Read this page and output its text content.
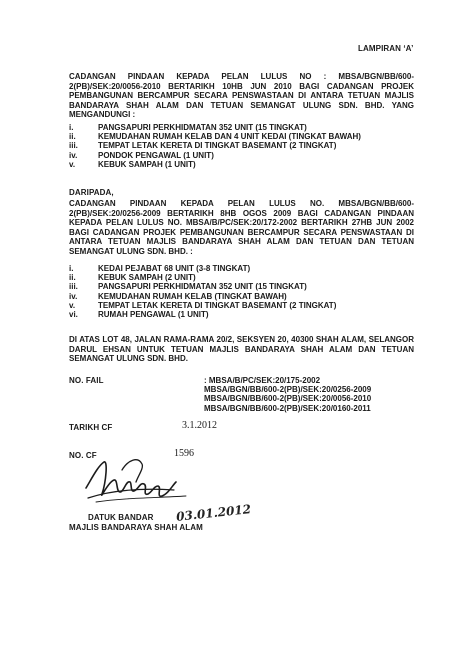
LAMPIRAN ‘A’
CADANGAN PINDAAN KEPADA PELAN LULUS NO : MBSA/BGN/BB/600-2(PB)/SEK:20/0056-2010 BERTARIKH 10HB JUN 2010 BAGI CADANGAN PROJEK PEMBANGUNAN BERCAMPUR SECARA PENSWASTAAN DI ANTARA TETUAN MAJLIS BANDARAYA SHAH ALAM DAN TETUAN SEMANGAT ULUNG SDN. BHD. YANG MENGANDUNGI :
i.	PANGSAPURI PERKHIDMATAN 352 UNIT (15 TINGKAT)
ii.	KEMUDAHAN RUMAH KELAB DAN 4 UNIT KEDAI (TINGKAT BAWAH)
iii.	TEMPAT LETAK KERETA DI TINGKAT BASEMANT (2 TINGKAT)
iv.	PONDOK PENGAWAL (1 UNIT)
v.	KEBUK SAMPAH (1 UNIT)
DARIPADA,
CADANGAN PINDAAN KEPADA PELAN LULUS NO. MBSA/BGN/BB/600-2(PB)/SEK:20/0256-2009 BERTARIKH 8HB OGOS 2009 BAGI CADANGAN PINDAAN KEPADA PELAN LULUS NO. MBSA/B/PC/SEK:20/172-2002 BERTARIKH 27HB JUN 2002 BAGI CADANGAN PROJEK PEMBANGUNAN BERCAMPUR SECARA PENSWASTAAN DI ANTARA TETUAN MAJLIS BANDARAYA SHAH ALAM DAN TETUAN DAN TETUAN SEMANGAT ULUNG SDN. BHD. :
i.	KEDAI PEJABAT 68 UNIT (3-8 TINGKAT)
ii.	KEBUK SAMPAH (2 UNIT)
iii.	PANGSAPURI PERKHIDMATAN 352 UNIT (15 TINGKAT)
iv.	KEMUDAHAN RUMAH KELAB (TINGKAT BAWAH)
v.	TEMPAT LETAK KERETA DI TINGKAT BASEMANT (2 TINGKAT)
vi.	RUMAH PENGAWAL (1 UNIT)
DI ATAS LOT 48, JALAN RAMA-RAMA 20/2, SEKSYEN 20, 40300 SHAH ALAM, SELANGOR DARUL EHSAN UNTUK TETUAN MAJLIS BANDARAYA SHAH ALAM DAN TETUAN SEMANGAT ULUNG SDN. BHD.
NO. FAIL	: MBSA/B/PC/SEK:20/175-2002
MBSA/BGN/BB/600-2(PB)/SEK:20/0256-2009
MBSA/BGN/BB/600-2(PB)/SEK:20/0056-2010
MBSA/BGN/BB/600-2(PB)/SEK:20/0160-2011
TARIKH CF	3.1.2012
NO. CF	1596
DATUK BANDAR
MAJLIS BANDARAYA SHAH ALAM
03.01.2012
